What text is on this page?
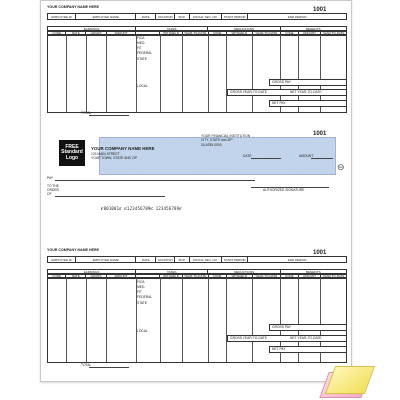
YOUR COMPANY NAME HERE	1001
EMPLOYEE ID	EMPLOYEE NAME	DATE	VACATION	SICK	SOCIAL SEC. NO.	START PERIOD	END PERIOD
EARNINGS	TAXES	DEDUCTIONS	BENEFITS
CODE	RATE	HOURS	AMOUNT	WITHHELD	YEAR-TO-DATE	CODE	WITHHELD	YEAR-TO-DATE	CODE	AMOUNT	YEAR-TO-DATE
FICA
MED.
FIT
FEDERAL
STATE
LOCAL
GROSS PAY
GROSS YEAR-TO-DATE	NET YEAR-TO-DATE
NET PAY
TOTAL
FREE
Standard
Logo
YOUR COMPANY NAME HERE
123 MAIN STREET
YOUR TOWN, STATE AND ZIP
YOUR FINANCIAL INSTITUTION
CITY, STATE and ZIP
00-6789-0000
1001
DATE	AMOUNT
PAY
TO THE
ORDER
OF
AUTHORIZED SIGNATURE
⊖
⑈001001⑈ ⑆123456789⑆ 123456789⑈
YOUR COMPANY NAME HERE	1001
EMPLOYEE ID	EMPLOYEE NAME	DATE	VACATION	SICK	SOCIAL SEC. NO.	START PERIOD	END PERIOD
EARNINGS	TAXES	DEDUCTIONS	BENEFITS
CODE	RATE	HOURS	AMOUNT	WITHHELD	YEAR-TO-DATE	CODE	WITHHELD	YEAR-TO-DATE	CODE	AMOUNT	YEAR-TO-DATE
FICA
MED.
FIT
FEDERAL
STATE
LOCAL
GROSS PAY
GROSS YEAR-TO-DATE	NET YEAR-TO-DATE
NET PAY
TOTAL
